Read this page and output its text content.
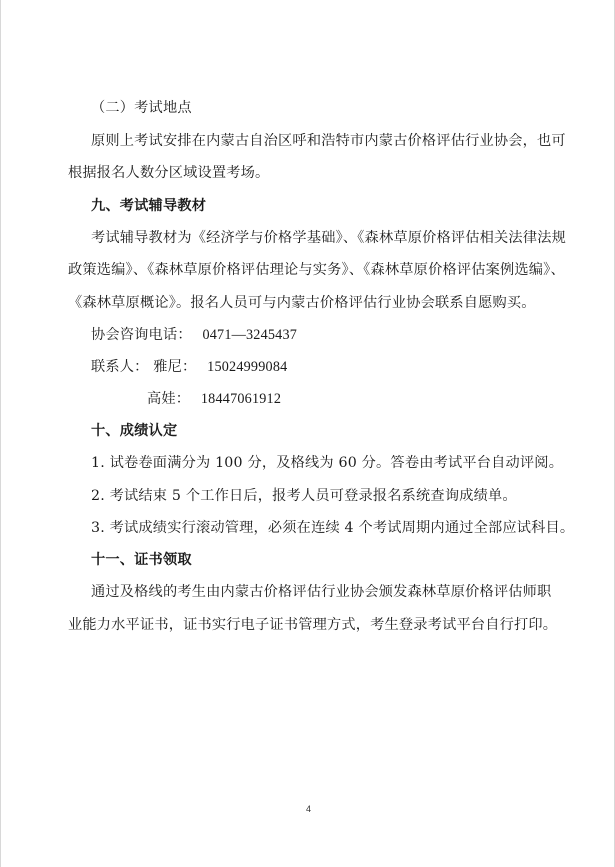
（二）考试地点
原则上考试安排在内蒙古自治区呼和浩特市内蒙古价格评估行业协会，也可
根据报名人数分区域设置考场。
九、考试辅导教材
考试辅导教材为《经济学与价格学基础》、《森林草原价格评估相关法律法规
政策选编》、《森林草原价格评估理论与实务》、《森林草原价格评估案例选编》、
《森林草原概论》。报名人员可与内蒙古价格评估行业协会联系自愿购买。
协会咨询电话： 0471—3245437
联系人： 雅尼： 15024999084
高娃： 18447061912
十、成绩认定
1. 试卷卷面满分为 100 分，及格线为 60 分。答卷由考试平台自动评阅。
2. 考试结束 5 个工作日后，报考人员可登录报名系统查询成绩单。
3. 考试成绩实行滚动管理，必须在连续 4 个考试周期内通过全部应试科目。
十一、证书领取
通过及格线的考生由内蒙古价格评估行业协会颁发森林草原价格评估师职
业能力水平证书，证书实行电子证书管理方式，考生登录考试平台自行打印。
4
